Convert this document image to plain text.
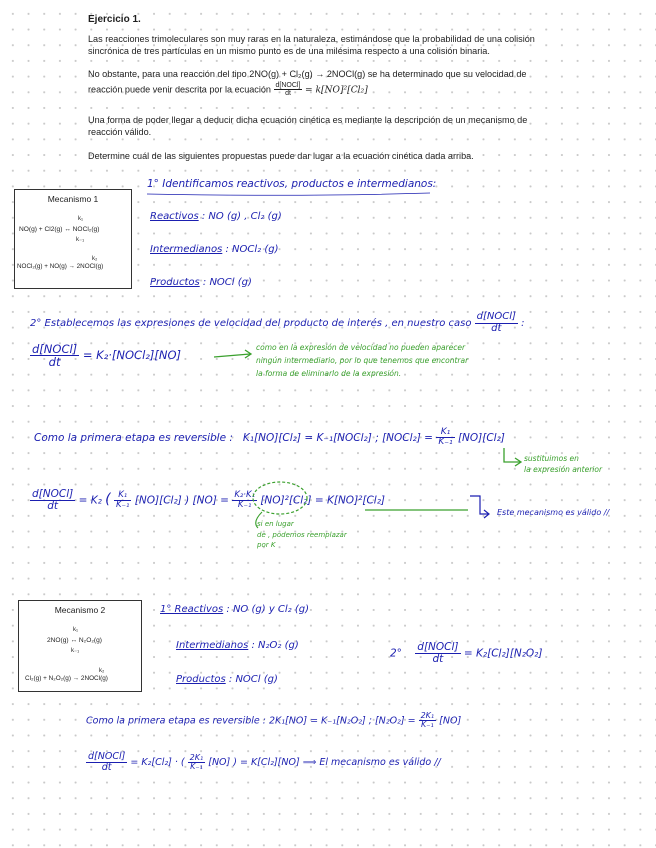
Ejercicio 1.
Las reacciones trimoleculares son muy raras en la naturaleza, estimándose que la probabilidad de una colisión
sincrónica de tres partículas en un mismo punto es de una milésima respecto a una colisión binaria.
No obstante, para una reacción del tipo 2NO(g) + Cl₂(g) → 2NOCl(g) se ha determinado que su velocidad de
reacción puede venir descrita por la ecuación $\frac{\text{d[NOCl]}}{dt} = k[NO]^2[Cl_2]$
Una forma de poder llegar a deducir dicha ecuación cinética es mediante la descripción de un mecanismo de
reacción válido.
Determine cuál de las siguientes propuestas puede dar lugar a la ecuación cinética dada arriba.
Mecanismo 1
k₁
NO(g) + Cl2(g) ↔ NOCl₂(g)
k₋₁
k₂
NOCl₂(g) + NO(g) → 2NOCl(g)
1° Identificamos reactivos, productos e intermedianos:
Reactivos : NO (g) , Cl₂ (g)
Intermedianos : NOCl₂ (g)
Productos : NOCl (g)
2° Establecemos las expresiones de velocidad del producto de interés , en nuestro caso $\frac{\text{d[NOCl]}}{dt}$ :
$\frac{\text{d[NOCl]}}{dt}$ = K₂·[NOCl₂][NO]
como en la expresión de velocidad no pueden aparecer
ningún intermediario, por lo que tenemos que encontrar
la forma de eliminarlo de la expresión.
Como la primera etapa es reversible : K₁[NO][Cl₂] = K₋₁[NOCl₂] ; [NOCl₂] = $\frac{\text{K₁}}{\text{K₋₁}} [NO][Cl_2]$
sustituimos en
la expresión anterior
$\frac{\text{d[NOCl]}}{dt} = K_2$ ( $\frac{\text{K₁}}{\text{K₋₁}} [NO][Cl_2]$ ) $[NO] = \frac{\text{K₂·K₁}}{\text{K₋₁}} [NO]^2[Cl_2] = K[NO]^2[Cl_2]$
Este mecanismo es válido //
si en lugar
de , podemos reemplazar
por K
Mecanismo 2
k₁
2NO(g) ↔ N₂O₂(g)
k₋₁
k₂
Cl₂(g) + N₂O₂(g) → 2NOCl(g)
1° Reactivos : NO (g) y Cl₂ (g)
Intermedianos : N₂O₂ (g)
Productos : NOCl (g)
$2^\circ \frac{\text{d[NOCl]}}{dt} = K_2[Cl_2][N_2O_2]$
Como la primera etapa es reversible : 2K₁[NO] = K₋₁[N₂O₂] ; $[N_2O_2] = \frac{\text{2K₁}}{\text{K₋₁}} [NO]$
$\frac{\text{d[NOCl]}}{dt} = K_2[Cl_2]$ · ( $\frac{\text{2K₁}}{\text{K₋₁}} [NO]$ ) = K[Cl₂][NO] ⟹ El mecanismo es válido //
